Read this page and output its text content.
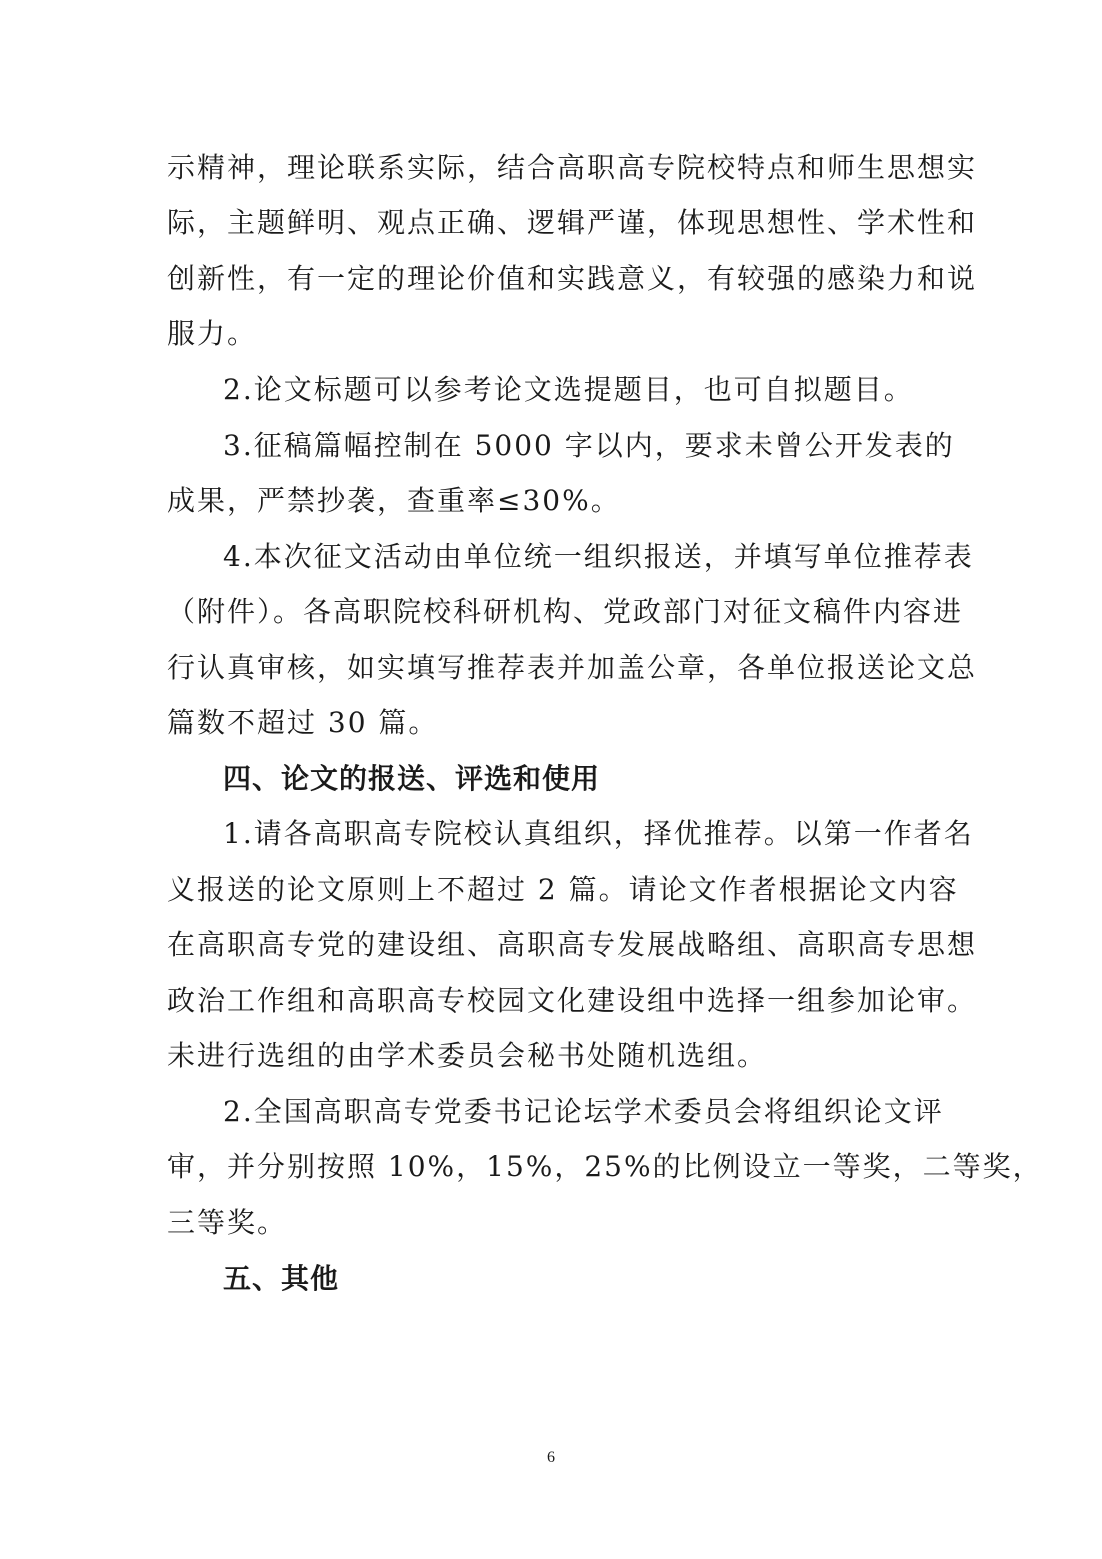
示精神，理论联系实际，结合高职高专院校特点和师生思想实
际，主题鲜明、观点正确、逻辑严谨，体现思想性、学术性和
创新性，有一定的理论价值和实践意义，有较强的感染力和说
服力。
2.论文标题可以参考论文选提题目，也可自拟题目。
3.征稿篇幅控制在 5000 字以内，要求未曾公开发表的
成果，严禁抄袭，查重率≤30%。
4.本次征文活动由单位统一组织报送，并填写单位推荐表
（附件）。各高职院校科研机构、党政部门对征文稿件内容进
行认真审核，如实填写推荐表并加盖公章，各单位报送论文总
篇数不超过 30 篇。
四、论文的报送、评选和使用
1.请各高职高专院校认真组织，择优推荐。以第一作者名
义报送的论文原则上不超过 2 篇。请论文作者根据论文内容
在高职高专党的建设组、高职高专发展战略组、高职高专思想
政治工作组和高职高专校园文化建设组中选择一组参加论审。
未进行选组的由学术委员会秘书处随机选组。
2.全国高职高专党委书记论坛学术委员会将组织论文评
审，并分别按照 10%，15%，25%的比例设立一等奖，二等奖，
三等奖。
五、其他
6
